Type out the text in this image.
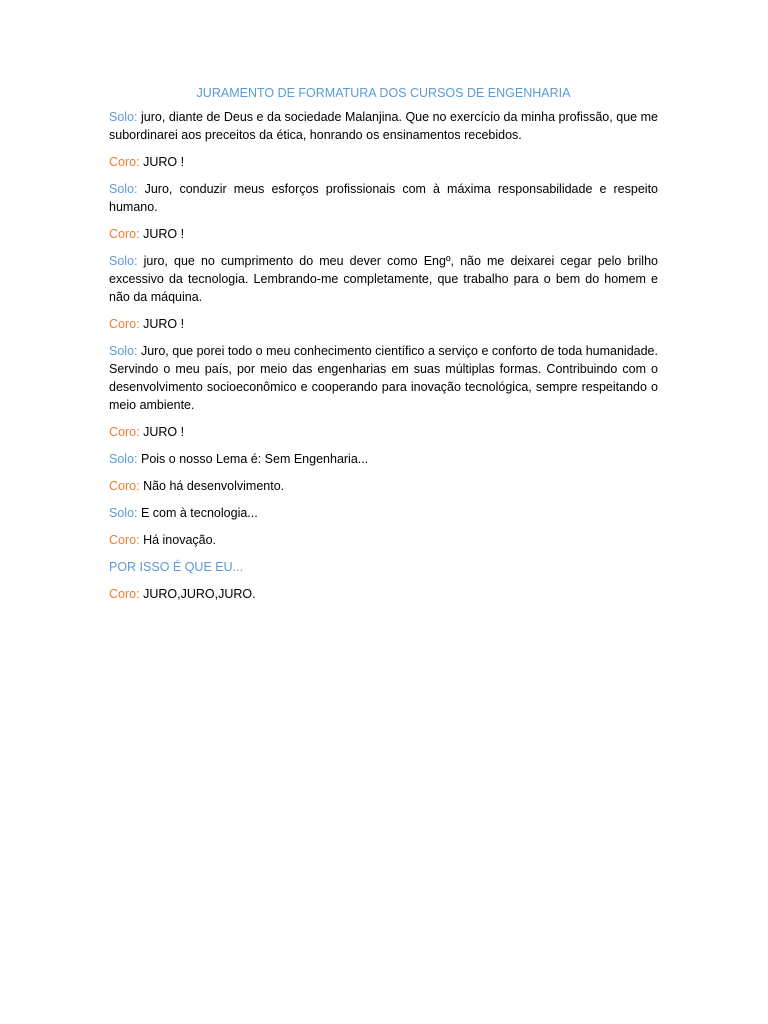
JURAMENTO DE FORMATURA DOS CURSOS DE ENGENHARIA

Solo: juro, diante de Deus e da sociedade Malanjina. Que no exercício da minha profissão, que me subordinarei aos preceitos da ética, honrando os ensinamentos recebidos.

Coro: JURO !

Solo: Juro, conduzir meus esforços profissionais com à máxima responsabilidade e respeito humano.

Coro: JURO !

Solo: juro, que no cumprimento do meu dever como Engº, não me deixarei cegar pelo brilho excessivo da tecnologia. Lembrando-me completamente, que trabalho para o bem do homem e não da máquina.

Coro: JURO !

Solo: Juro, que porei todo o meu conhecimento científico a serviço e conforto de toda humanidade. Servindo o meu país, por meio das engenharias em suas múltiplas formas. Contribuindo com o desenvolvimento socioeconômico e cooperando para inovação tecnológica, sempre respeitando o meio ambiente.

Coro: JURO !

Solo: Pois o nosso Lema é: Sem Engenharia...

Coro: Não há desenvolvimento.

Solo: E com à tecnologia...

Coro: Há inovação.

POR ISSO É QUE EU...

Coro: JURO,JURO,JURO.
